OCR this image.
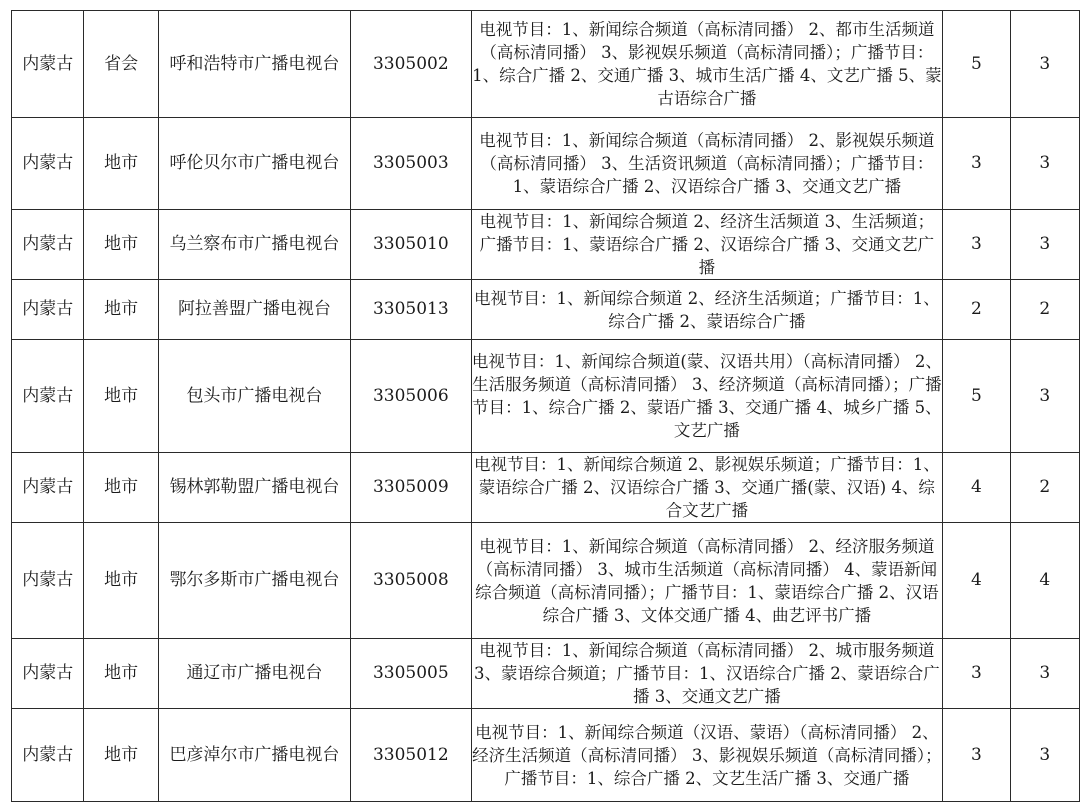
内蒙古	省会	呼和浩特市广播电视台	3305002	电视节目：1、新闻综合频道（高标清同播） 2、都市生活频道（高标清同播） 3、影视娱乐频道（高标清同播）；广播节目：1、综合广播 2、交通广播 3、城市生活广播 4、文艺广播 5、蒙古语综合广播	5	3
内蒙古	地市	呼伦贝尔市广播电视台	3305003	电视节目：1、新闻综合频道（高标清同播） 2、影视娱乐频道（高标清同播） 3、生活资讯频道（高标清同播）；广播节目：1、蒙语综合广播 2、汉语综合广播 3、交通文艺广播	3	3
内蒙古	地市	乌兰察布市广播电视台	3305010	电视节目：1、新闻综合频道 2、经济生活频道 3、生活频道；广播节目：1、蒙语综合广播 2、汉语综合广播 3、交通文艺广播	3	3
内蒙古	地市	阿拉善盟广播电视台	3305013	电视节目：1、新闻综合频道 2、经济生活频道；广播节目：1、综合广播 2、蒙语综合广播	2	2
内蒙古	地市	包头市广播电视台	3305006	电视节目：1、新闻综合频道(蒙、汉语共用）（高标清同播） 2、生活服务频道（高标清同播） 3、经济频道（高标清同播）；广播节目：1、综合广播 2、蒙语广播 3、交通广播 4、城乡广播 5、文艺广播	5	3
内蒙古	地市	锡林郭勒盟广播电视台	3305009	电视节目：1、新闻综合频道 2、影视娱乐频道；广播节目：1、蒙语综合广播 2、汉语综合广播 3、交通广播(蒙、汉语) 4、综合文艺广播	4	2
内蒙古	地市	鄂尔多斯市广播电视台	3305008	电视节目：1、新闻综合频道（高标清同播） 2、经济服务频道（高标清同播） 3、城市生活频道（高标清同播） 4、蒙语新闻综合频道（高标清同播）；广播节目：1、蒙语综合广播 2、汉语综合广播 3、文体交通广播 4、曲艺评书广播	4	4
内蒙古	地市	通辽市广播电视台	3305005	电视节目：1、新闻综合频道（高标清同播） 2、城市服务频道 3、蒙语综合频道；广播节目：1、汉语综合广播 2、蒙语综合广播 3、交通文艺广播	3	3
内蒙古	地市	巴彦淖尔市广播电视台	3305012	电视节目：1、新闻综合频道（汉语、蒙语）（高标清同播） 2、经济生活频道（高标清同播） 3、影视娱乐频道（高标清同播）；广播节目：1、综合广播 2、文艺生活广播 3、交通广播	3	3
